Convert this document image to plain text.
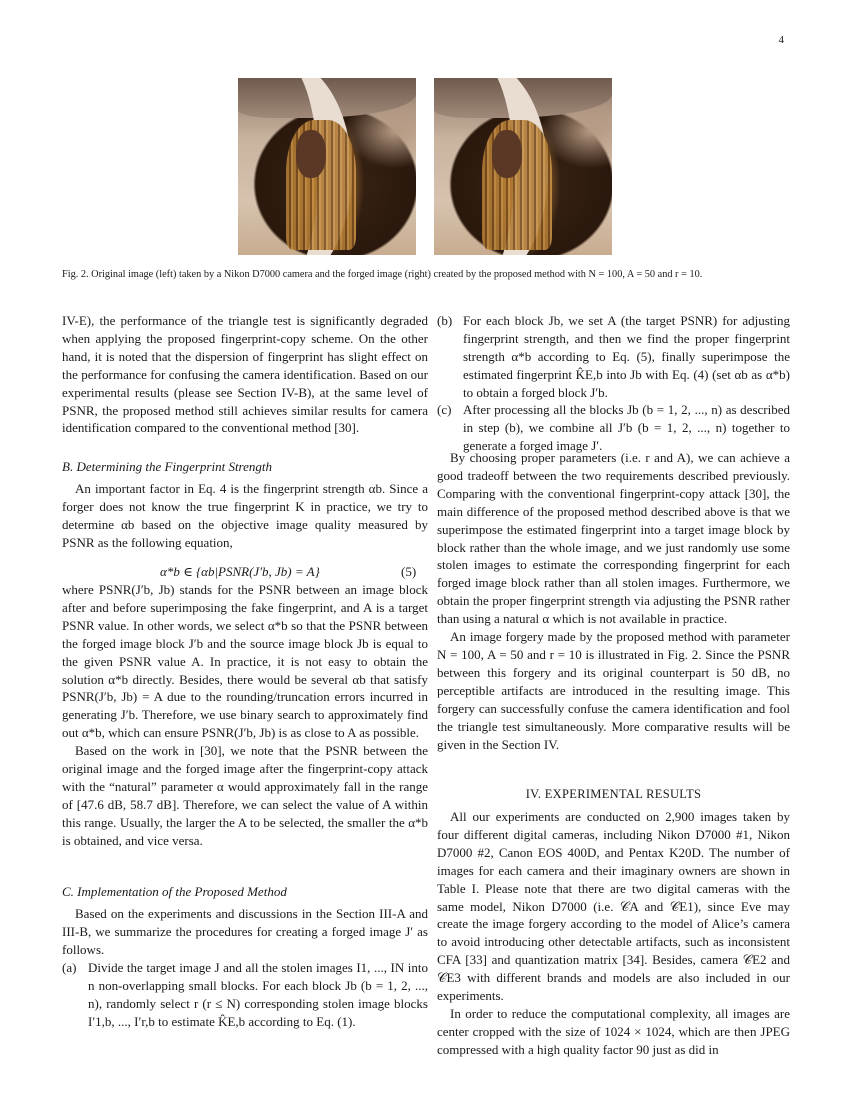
4
Fig. 2. Original image (left) taken by a Nikon D7000 camera and the forged image (right) created by the proposed method with N = 100, A = 50 and r = 10.

IV-E), the performance of the triangle test is significantly degraded when applying the proposed fingerprint-copy scheme. On the other hand, it is noted that the dispersion of fingerprint has slight effect on the performance for confusing the camera identification. Based on our experimental results (please see Section IV-B), at the same level of PSNR, the proposed method still achieves similar results for camera identification compared to the conventional method [30].

B. Determining the Fingerprint Strength

An important factor in Eq. 4 is the fingerprint strength αb. Since a forger does not know the true fingerprint K in practice, we try to determine αb based on the objective image quality measured by PSNR as the following equation,

α*b ∈ {αb|PSNR(J′b, Jb) = A}	(5)

where PSNR(J′b, Jb) stands for the PSNR between an image block after and before superimposing the fake fingerprint, and A is a target PSNR value. In other words, we select α*b so that the PSNR between the forged image block J′b and the source image block Jb is equal to the given PSNR value A. In practice, it is not easy to obtain the solution α*b directly. Besides, there would be several αb that satisfy PSNR(J′b, Jb) = A due to the rounding/truncation errors incurred in generating J′b. Therefore, we use binary search to approximately find out α*b, which can ensure PSNR(J′b, Jb) is as close to A as possible.

Based on the work in [30], we note that the PSNR between the original image and the forged image after the fingerprint-copy attack with the “natural” parameter α would approximately fall in the range of [47.6 dB, 58.7 dB]. Therefore, we can select the value of A within this range. Usually, the larger the A to be selected, the smaller the α*b is obtained, and vice versa.

C. Implementation of the Proposed Method

Based on the experiments and discussions in the Section III-A and III-B, we summarize the procedures for creating a forged image J′ as follows.

(a) Divide the target image J and all the stolen images I1, ..., IN into n non-overlapping small blocks. For each block Jb (b = 1, 2, ..., n), randomly select r (r ≤ N) corresponding stolen image blocks I′1,b, ..., I′r,b to estimate K̂E,b according to Eq. (1).
(b) For each block Jb, we set A (the target PSNR) for adjusting fingerprint strength, and then we find the proper fingerprint strength α*b according to Eq. (5), finally superimpose the estimated fingerprint K̂E,b into Jb with Eq. (4) (set αb as α*b) to obtain a forged block J′b.
(c) After processing all the blocks Jb (b = 1, 2, ..., n) as described in step (b), we combine all J′b (b = 1, 2, ..., n) together to generate a forged image J′.

By choosing proper parameters (i.e. r and A), we can achieve a good tradeoff between the two requirements described previously. Comparing with the conventional fingerprint-copy attack [30], the main difference of the proposed method described above is that we superimpose the estimated fingerprint into a target image block by block rather than the whole image, and we just randomly use some stolen images to estimate the corresponding fingerprint for each forged image block rather than all stolen images. Furthermore, we obtain the proper fingerprint strength via adjusting the PSNR rather than using a natural α which is not available in practice.

An image forgery made by the proposed method with parameter N = 100, A = 50 and r = 10 is illustrated in Fig. 2. Since the PSNR between this forgery and its original counterpart is 50 dB, no perceptible artifacts are introduced in the resulting image. This forgery can successfully confuse the camera identification and fool the triangle test simultaneously. More comparative results will be given in the Section IV.

IV. EXPERIMENTAL RESULTS

All our experiments are conducted on 2,900 images taken by four different digital cameras, including Nikon D7000 #1, Nikon D7000 #2, Canon EOS 400D, and Pentax K20D. The number of images for each camera and their imaginary owners are shown in Table I. Please note that there are two digital cameras with the same model, Nikon D7000 (i.e. 𝒞A and 𝒞E1), since Eve may create the image forgery according to the model of Alice’s camera to avoid introducing other detectable artifacts, such as inconsistent CFA [33] and quantization matrix [34]. Besides, camera 𝒞E2 and 𝒞E3 with different brands and models are also included in our experiments.

In order to reduce the computational complexity, all images are center cropped with the size of 1024 × 1024, which are then JPEG compressed with a high quality factor 90 just as did in
